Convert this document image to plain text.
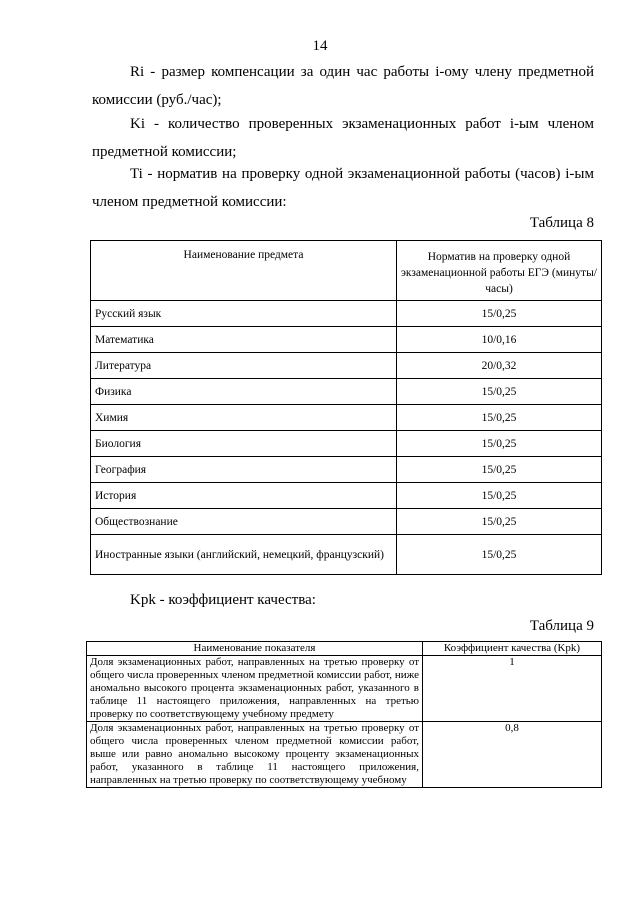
14
Ri - размер компенсации за один час работы i-ому члену предметной комиссии (руб./час);
Ki - количество проверенных экзаменационных работ i-ым членом предметной комиссии;
Ti - норматив на проверку одной экзаменационной работы (часов) i-ым членом предметной комиссии:
Таблица 8
Наименование предмета	Норматив на проверку одной экзаменационной работы ЕГЭ (минуты/часы)
Русский язык	15/0,25
Математика	10/0,16
Литература	20/0,32
Физика	15/0,25
Химия	15/0,25
Биология	15/0,25
География	15/0,25
История	15/0,25
Обществознание	15/0,25
Иностранные языки (английский, немецкий, французский)	15/0,25
Kpk - коэффициент качества:
Таблица 9
Наименование показателя	Коэффициент качества (Kpk)
Доля экзаменационных работ, направленных на третью проверку от общего числа проверенных членом предметной комиссии работ, ниже аномально высокого процента экзаменационных работ, указанного в таблице 11 настоящего приложения, направленных на третью проверку по соответствующему учебному предмету	1
Доля экзаменационных работ, направленных на третью проверку от общего числа проверенных членом предметной комиссии работ, выше или равно аномально высокому проценту экзаменационных работ, указанного в таблице 11 настоящего приложения, направленных на третью проверку по соответствующему учебному	0,8
